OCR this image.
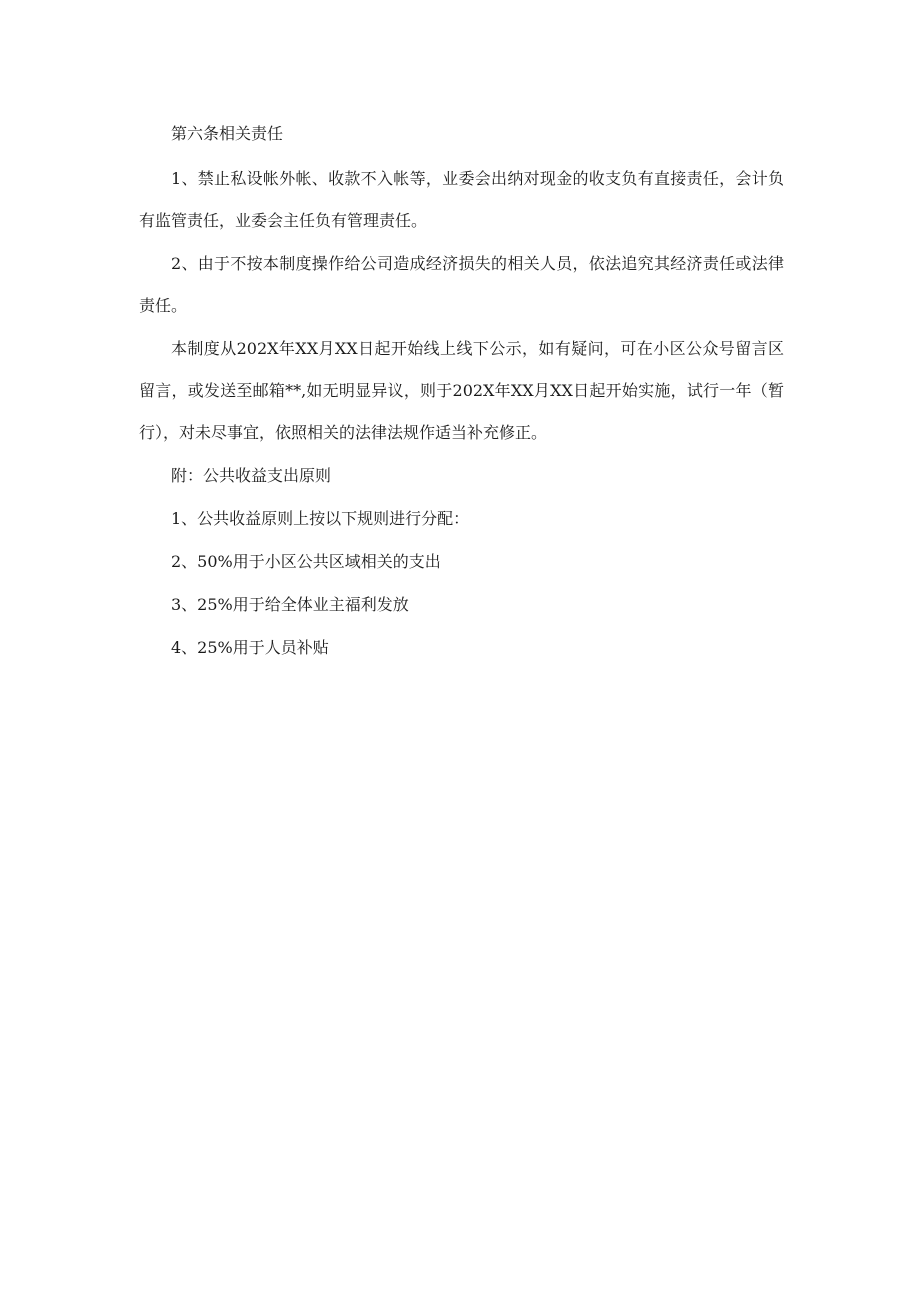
第六条相关责任

1、禁止私设帐外帐、收款不入帐等，业委会出纳对现金的收支负有直接责任，会计负有监管责任，业委会主任负有管理责任。

2、由于不按本制度操作给公司造成经济损失的相关人员，依法追究其经济责任或法律责任。

本制度从202X年XX月XX日起开始线上线下公示，如有疑问，可在小区公众号留言区留言，或发送至邮箱**,如无明显异议，则于202X年XX月XX日起开始实施，试行一年（暂行），对未尽事宜，依照相关的法律法规作适当补充修正。

附：公共收益支出原则

1、公共收益原则上按以下规则进行分配：

2、50%用于小区公共区域相关的支出

3、25%用于给全体业主福利发放

4、25%用于人员补贴
